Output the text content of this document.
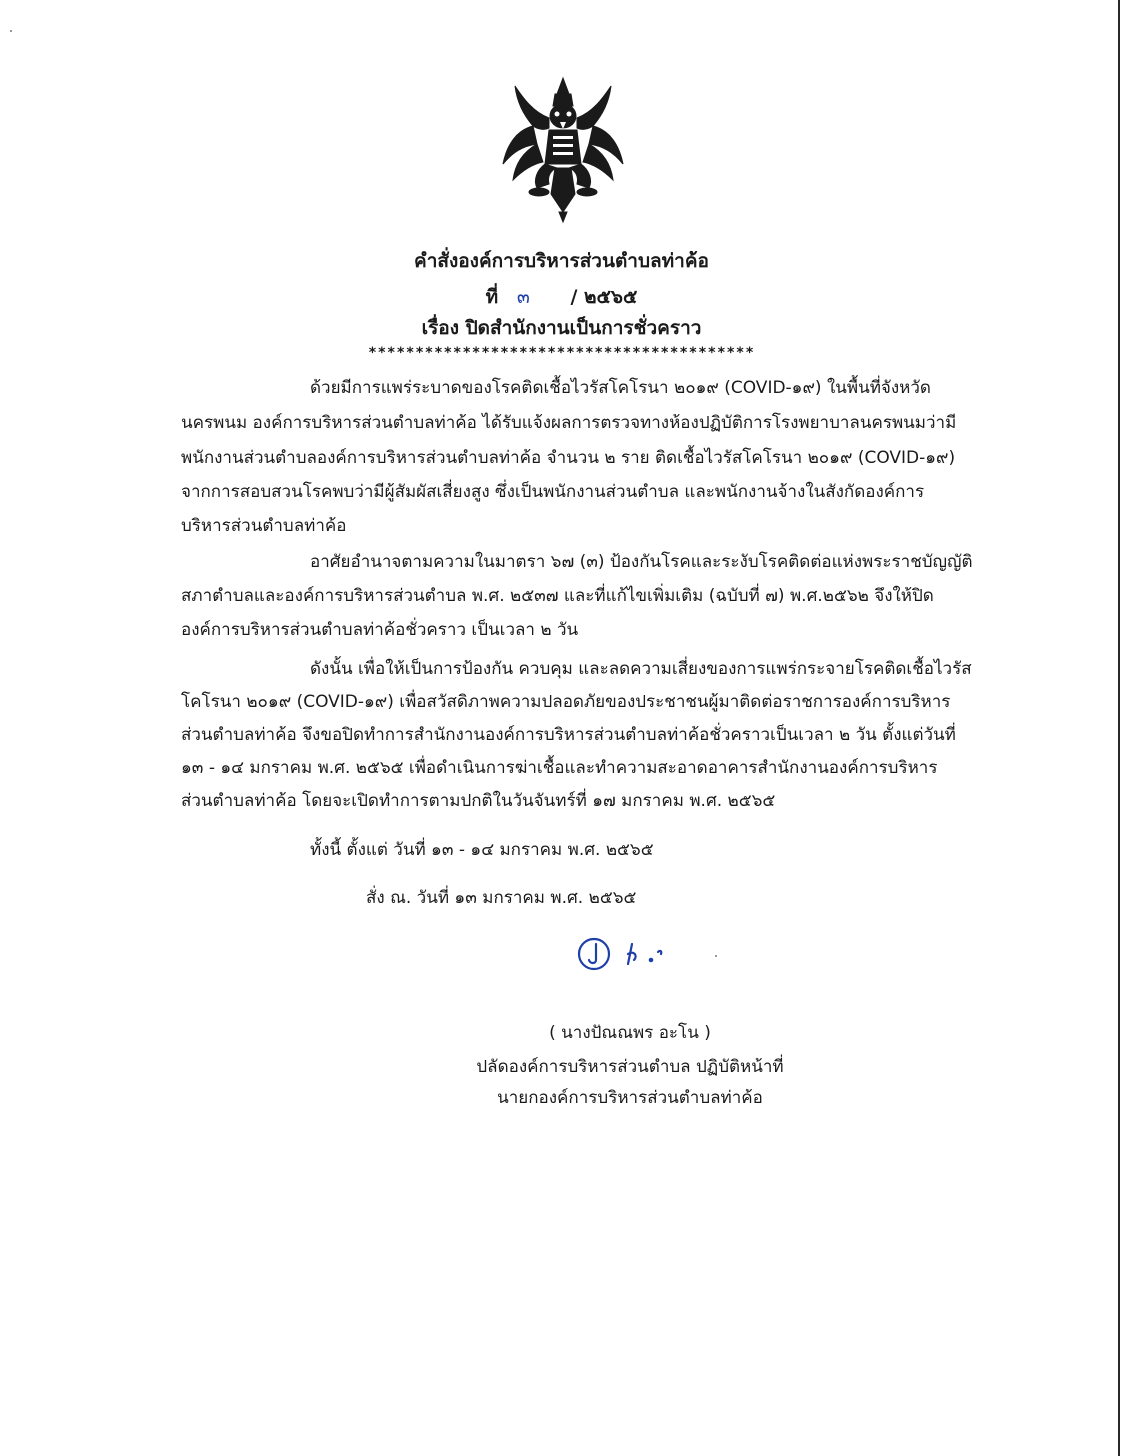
คำสั่งองค์การบริหารส่วนตำบลท่าค้อ
ที่ ๓ / ๒๕๖๕
เรื่อง ปิดสำนักงานเป็นการชั่วคราว
*****************************************
ด้วยมีการแพร่ระบาดของโรคติดเชื้อไวรัสโคโรนา ๒๐๑๙ (COVID-๑๙) ในพื้นที่จังหวัด
นครพนม องค์การบริหารส่วนตำบลท่าค้อ ได้รับแจ้งผลการตรวจทางห้องปฏิบัติการโรงพยาบาลนครพนมว่ามี
พนักงานส่วนตำบลองค์การบริหารส่วนตำบลท่าค้อ จำนวน ๒ ราย ติดเชื้อไวรัสโคโรนา ๒๐๑๙ (COVID-๑๙)
จากการสอบสวนโรคพบว่ามีผู้สัมผัสเสี่ยงสูง ซึ่งเป็นพนักงานส่วนตำบล และพนักงานจ้างในสังกัดองค์การ
บริหารส่วนตำบลท่าค้อ
อาศัยอำนาจตามความในมาตรา ๖๗ (๓) ป้องกันโรคและระงับโรคติดต่อแห่งพระราชบัญญัติ
สภาตำบลและองค์การบริหารส่วนตำบล พ.ศ. ๒๕๓๗ และที่แก้ไขเพิ่มเติม (ฉบับที่ ๗) พ.ศ.๒๕๖๒ จึงให้ปิด
องค์การบริหารส่วนตำบลท่าค้อชั่วคราว เป็นเวลา ๒ วัน
ดังนั้น เพื่อให้เป็นการป้องกัน ควบคุม และลดความเสี่ยงของการแพร่กระจายโรคติดเชื้อไวรัส
โคโรนา ๒๐๑๙ (COVID-๑๙) เพื่อสวัสดิภาพความปลอดภัยของประชาชนผู้มาติดต่อราชการองค์การบริหาร
ส่วนตำบลท่าค้อ จึงขอปิดทำการสำนักงานองค์การบริหารส่วนตำบลท่าค้อชั่วคราวเป็นเวลา ๒ วัน ตั้งแต่วันที่
๑๓ - ๑๔ มกราคม พ.ศ. ๒๕๖๕ เพื่อดำเนินการฆ่าเชื้อและทำความสะอาดอาคารสำนักงานองค์การบริหาร
ส่วนตำบลท่าค้อ โดยจะเปิดทำการตามปกติในวันจันทร์ที่ ๑๗ มกราคม พ.ศ. ๒๕๖๕
ทั้งนี้ ตั้งแต่ วันที่ ๑๓ - ๑๔ มกราคม พ.ศ. ๒๕๖๕
สั่ง ณ. วันที่ ๑๓ มกราคม พ.ศ. ๒๕๖๕
( นางปัณณพร อะโน )
ปลัดองค์การบริหารส่วนตำบล ปฏิบัติหน้าที่
นายกองค์การบริหารส่วนตำบลท่าค้อ
